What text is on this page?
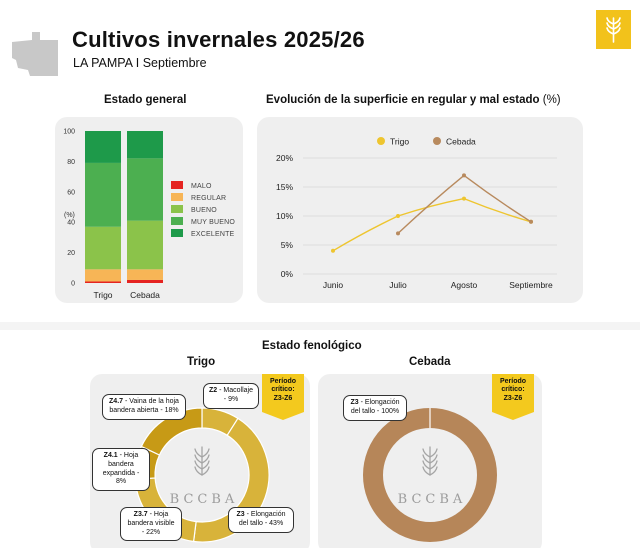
Cultivos invernales 2025/26
LA PAMPA I Septiembre
Estado general	Evolución de la superficie en regular y mal estado (%)
0
20
40
60
80
100
(%)
Trigo Cebada
MALO
REGULAR
BUENO
MUY BUENO
EXCELENTE
0%
5%
10%
15%
20%
Junio	Julio	Agosto	Septiembre
Trigo	Cebada
Estado fenológico
Trigo	Cebada
BCCBA	BCCBA
Período crítico:
Z3-Z6
Período crítico:
Z3-Z6
Z2 - Macollaje - 9%
Z4.7 - Vaina de la hoja bandera abierta - 18%
Z4.1 - Hoja bandera expandida - 8%
Z3.7 - Hoja bandera visible - 22%
Z3 - Elongación del tallo - 43%
Z3 - Elongación del tallo - 100%
